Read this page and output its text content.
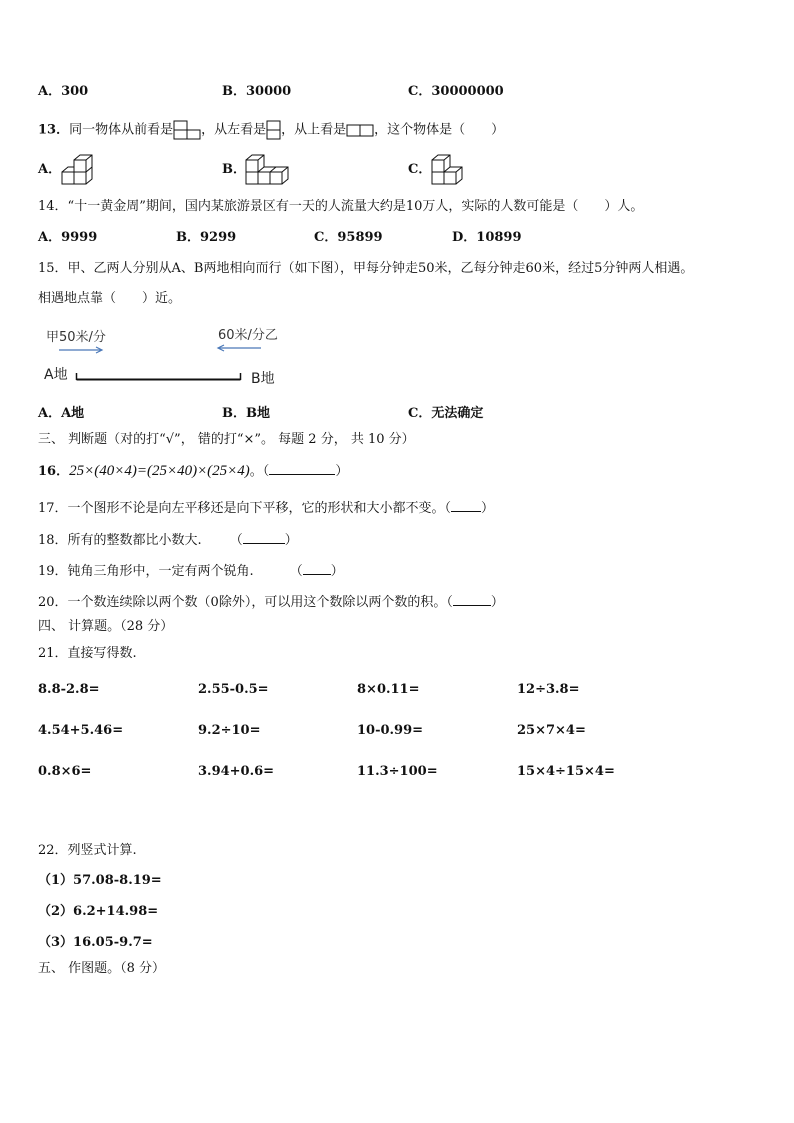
A．300	B．30000	C．30000000
13．同一物体从前看是 ，从左看是 ，从上看是 ，这个物体是（　　）
A．	B．	C．
14．“十一黄金周”期间，国内某旅游景区有一天的人流量大约是10万人，实际的人数可能是（　　）人。
A．9999	B．9299	C．95899	D．10899
15．甲、乙两人分别从A、B两地相向而行（如下图），甲每分钟走50米，乙每分钟走60米，经过5分钟两人相遇。
相遇地点靠（　　）近。
甲50米/分	60米/分乙
A地	B地
A．A地	B．B地	C．无法确定
三、 判断题（对的打“√”， 错的打“×”。 每题 2 分， 共 10 分）
16．25×(40×4)=(25×40)×(25×4)。（	）
17．一个图形不论是向左平移还是向下平移，它的形状和大小都不变。（ ）
18．所有的整数都比小数大. （	）
19．钝角三角形中，一定有两个锐角.	（ ）
20．一个数连续除以两个数（0除外），可以用这个数除以两个数的积。（	）
四、 计算题。（28 分）
21．直接写得数.
8.8-2.8=	2.55-0.5=	8×0.11=	12÷3.8=
4.54+5.46=	9.2÷10=	10-0.99=	25×7×4=
0.8×6=	3.94+0.6=	11.3÷100=	15×4÷15×4=
22．列竖式计算.
（1）57.08-8.19=
（2）6.2+14.98=
（3）16.05-9.7=
五、 作图题。（8 分）
